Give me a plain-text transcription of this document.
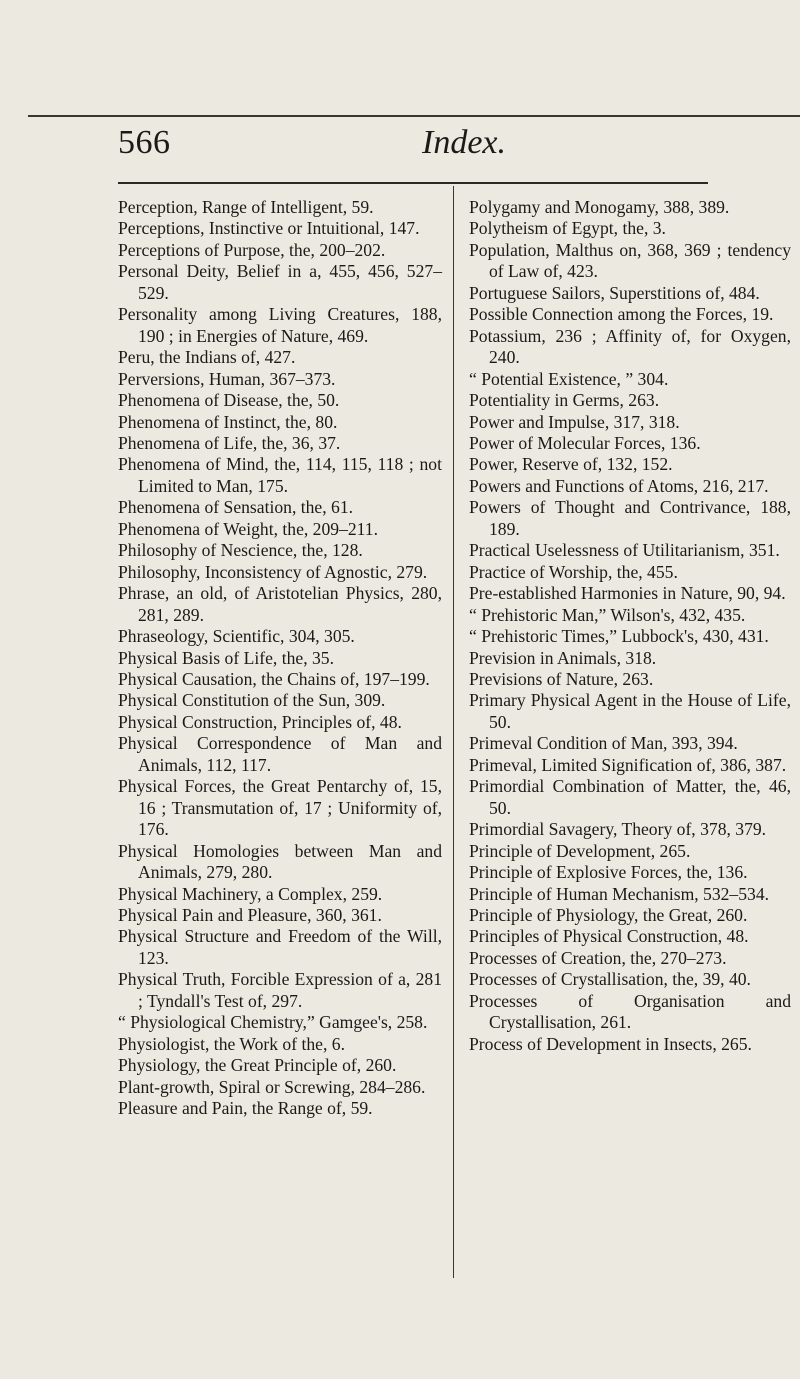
566	Index.
Perception, Range of Intelligent, 59.
Perceptions, Instinctive or Intuitional, 147.
Perceptions of Purpose, the, 200–202.
Personal Deity, Belief in a, 455, 456, 527–529.
Personality among Living Creatures, 188, 190 ; in Energies of Nature, 469.
Peru, the Indians of, 427.
Perversions, Human, 367–373.
Phenomena of Disease, the, 50.
Phenomena of Instinct, the, 80.
Phenomena of Life, the, 36, 37.
Phenomena of Mind, the, 114, 115, 118 ; not Limited to Man, 175.
Phenomena of Sensation, the, 61.
Phenomena of Weight, the, 209–211.
Philosophy of Nescience, the, 128.
Philosophy, Inconsistency of Agnostic, 279.
Phrase, an old, of Aristotelian Physics, 280, 281, 289.
Phraseology, Scientific, 304, 305.
Physical Basis of Life, the, 35.
Physical Causation, the Chains of, 197–199.
Physical Constitution of the Sun, 309.
Physical Construction, Principles of, 48.
Physical Correspondence of Man and Animals, 112, 117.
Physical Forces, the Great Pentarchy of, 15, 16 ; Transmutation of, 17 ; Uniformity of, 176.
Physical Homologies between Man and Animals, 279, 280.
Physical Machinery, a Complex, 259.
Physical Pain and Pleasure, 360, 361.
Physical Structure and Freedom of the Will, 123.
Physical Truth, Forcible Expression of a, 281 ; Tyndall's Test of, 297.
“ Physiological Chemistry,” Gamgee's, 258.
Physiologist, the Work of the, 6.
Physiology, the Great Principle of, 260.
Plant-growth, Spiral or Screwing, 284–286.
Pleasure and Pain, the Range of, 59.
Polygamy and Monogamy, 388, 389.
Polytheism of Egypt, the, 3.
Population, Malthus on, 368, 369 ; tendency of Law of, 423.
Portuguese Sailors, Superstitions of, 484.
Possible Connection among the Forces, 19.
Potassium, 236 ; Affinity of, for Oxygen, 240.
“ Potential Existence, ” 304.
Potentiality in Germs, 263.
Power and Impulse, 317, 318.
Power of Molecular Forces, 136.
Power, Reserve of, 132, 152.
Powers and Functions of Atoms, 216, 217.
Powers of Thought and Contrivance, 188, 189.
Practical Uselessness of Utilitarianism, 351.
Practice of Worship, the, 455.
Pre-established Harmonies in Nature, 90, 94.
“ Prehistoric Man,” Wilson's, 432, 435.
“ Prehistoric Times,” Lubbock's, 430, 431.
Prevision in Animals, 318.
Previsions of Nature, 263.
Primary Physical Agent in the House of Life, 50.
Primeval Condition of Man, 393, 394.
Primeval, Limited Signification of, 386, 387.
Primordial Combination of Matter, the, 46, 50.
Primordial Savagery, Theory of, 378, 379.
Principle of Development, 265.
Principle of Explosive Forces, the, 136.
Principle of Human Mechanism, 532–534.
Principle of Physiology, the Great, 260.
Principles of Physical Construction, 48.
Processes of Creation, the, 270–273.
Processes of Crystallisation, the, 39, 40.
Processes of Organisation and Crystallisation, 261.
Process of Development in Insects, 265.
